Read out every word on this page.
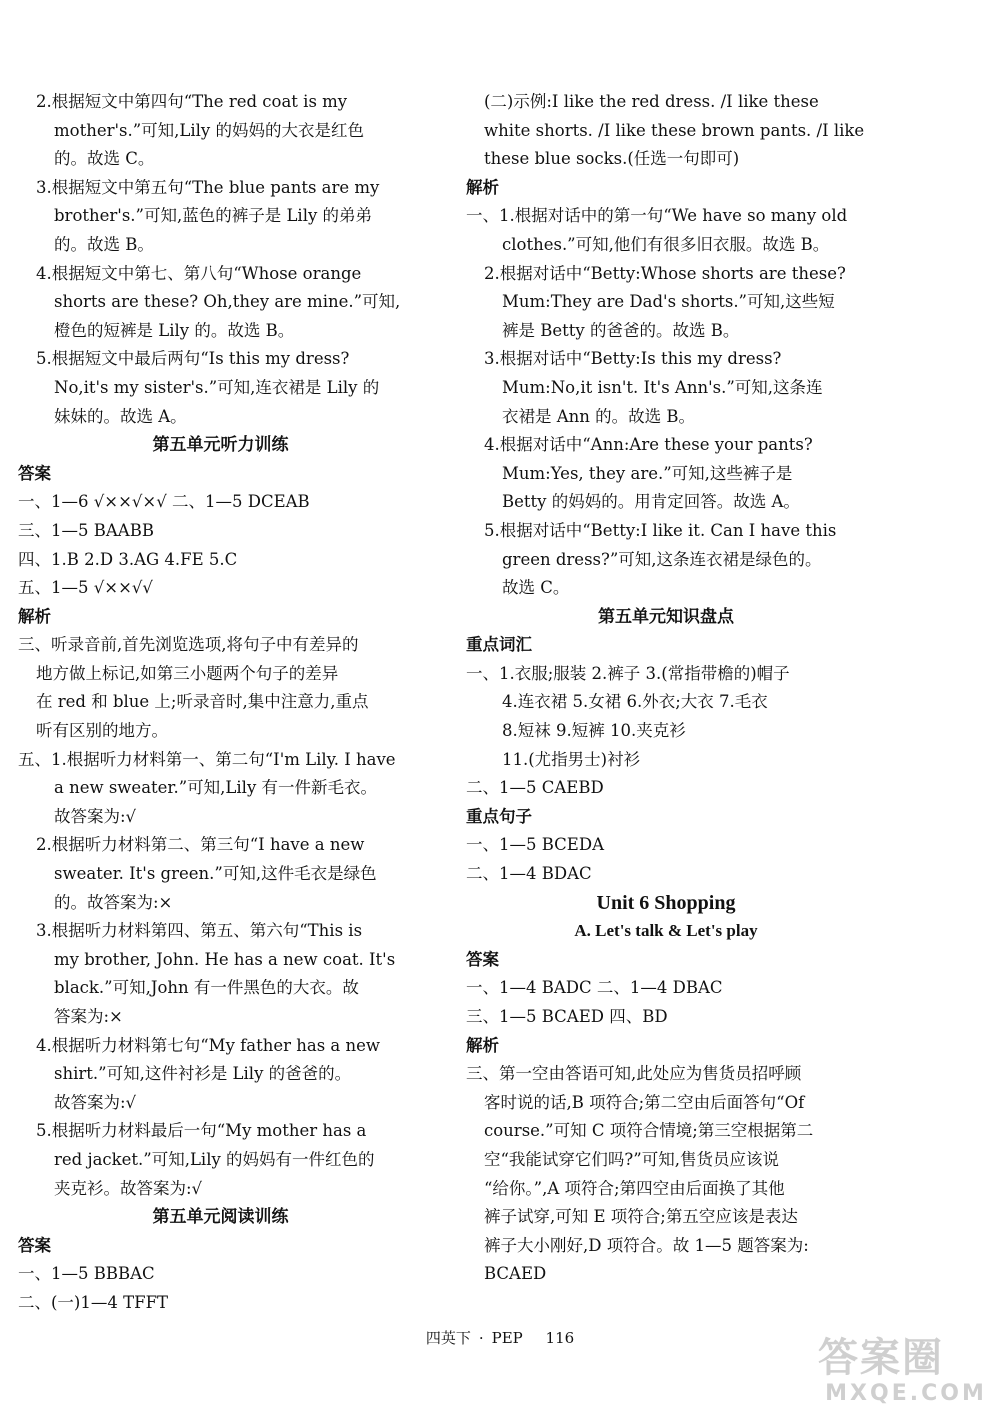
2.根据短文中第四句“The red coat is my
mother's.”可知,Lily 的妈妈的大衣是红色
的。故选 C。
3.根据短文中第五句“The blue pants are my
brother's.”可知,蓝色的裤子是 Lily 的弟弟
的。故选 B。
4.根据短文中第七、第八句“Whose orange
shorts are these? Oh,they are mine.”可知,
橙色的短裤是 Lily 的。故选 B。
5.根据短文中最后两句“Is this my dress?
No,it's my sister's.”可知,连衣裙是 Lily 的
妹妹的。故选 A。
第五单元听力训练
答案
一、1—6 √××√×√ 二、1—5 DCEAB
三、1—5 BAABB
四、1.B 2.D 3.AG 4.FE 5.C
五、1—5 √××√√
解析
三、听录音前,首先浏览选项,将句子中有差异的
地方做上标记,如第三小题两个句子的差异
在 red 和 blue 上;听录音时,集中注意力,重点
听有区别的地方。
五、1.根据听力材料第一、第二句“I'm Lily. I have
a new sweater.”可知,Lily 有一件新毛衣。
故答案为:√
2.根据听力材料第二、第三句“I have a new
sweater. It's green.”可知,这件毛衣是绿色
的。故答案为:×
3.根据听力材料第四、第五、第六句“This is
my brother, John. He has a new coat. It's
black.”可知,John 有一件黑色的大衣。故
答案为:×
4.根据听力材料第七句“My father has a new
shirt.”可知,这件衬衫是 Lily 的爸爸的。
故答案为:√
5.根据听力材料最后一句“My mother has a
red jacket.”可知,Lily 的妈妈有一件红色的
夹克衫。故答案为:√
第五单元阅读训练
答案
一、1—5 BBBAC
二、(一)1—4 TFFT
(二)示例:I like the red dress. /I like these
white shorts. /I like these brown pants. /I like
these blue socks.(任选一句即可)
解析
一、1.根据对话中的第一句“We have so many old
clothes.”可知,他们有很多旧衣服。故选 B。
2.根据对话中“Betty:Whose shorts are these?
Mum:They are Dad's shorts.”可知,这些短
裤是 Betty 的爸爸的。故选 B。
3.根据对话中“Betty:Is this my dress?
Mum:No,it isn't. It's Ann's.”可知,这条连
衣裙是 Ann 的。故选 B。
4.根据对话中“Ann:Are these your pants?
Mum:Yes, they are.”可知,这些裤子是
Betty 的妈妈的。用肯定回答。故选 A。
5.根据对话中“Betty:I like it. Can I have this
green dress?”可知,这条连衣裙是绿色的。
故选 C。
第五单元知识盘点
重点词汇
一、1.衣服;服装 2.裤子 3.(常指带檐的)帽子
4.连衣裙 5.女裙 6.外衣;大衣 7.毛衣
8.短袜 9.短裤 10.夹克衫
11.(尤指男士)衬衫
二、1—5 CAEBD
重点句子
一、1—5 BCEDA
二、1—4 BDAC
Unit 6 Shopping
A. Let's talk & Let's play
答案
一、1—4 BADC 二、1—4 DBAC
三、1—5 BCAED 四、BD
解析
三、第一空由答语可知,此处应为售货员招呼顾
客时说的话,B 项符合;第二空由后面答句“Of
course.”可知 C 项符合情境;第三空根据第二
空“我能试穿它们吗?”可知,售货员应该说
“给你。”,A 项符合;第四空由后面换了其他
裤子试穿,可知 E 项符合;第五空应该是表达
裤子大小刚好,D 项符合。故 1—5 题答案为:
BCAED
四英下 · PEP 116	答案圈
MXQE.COM
